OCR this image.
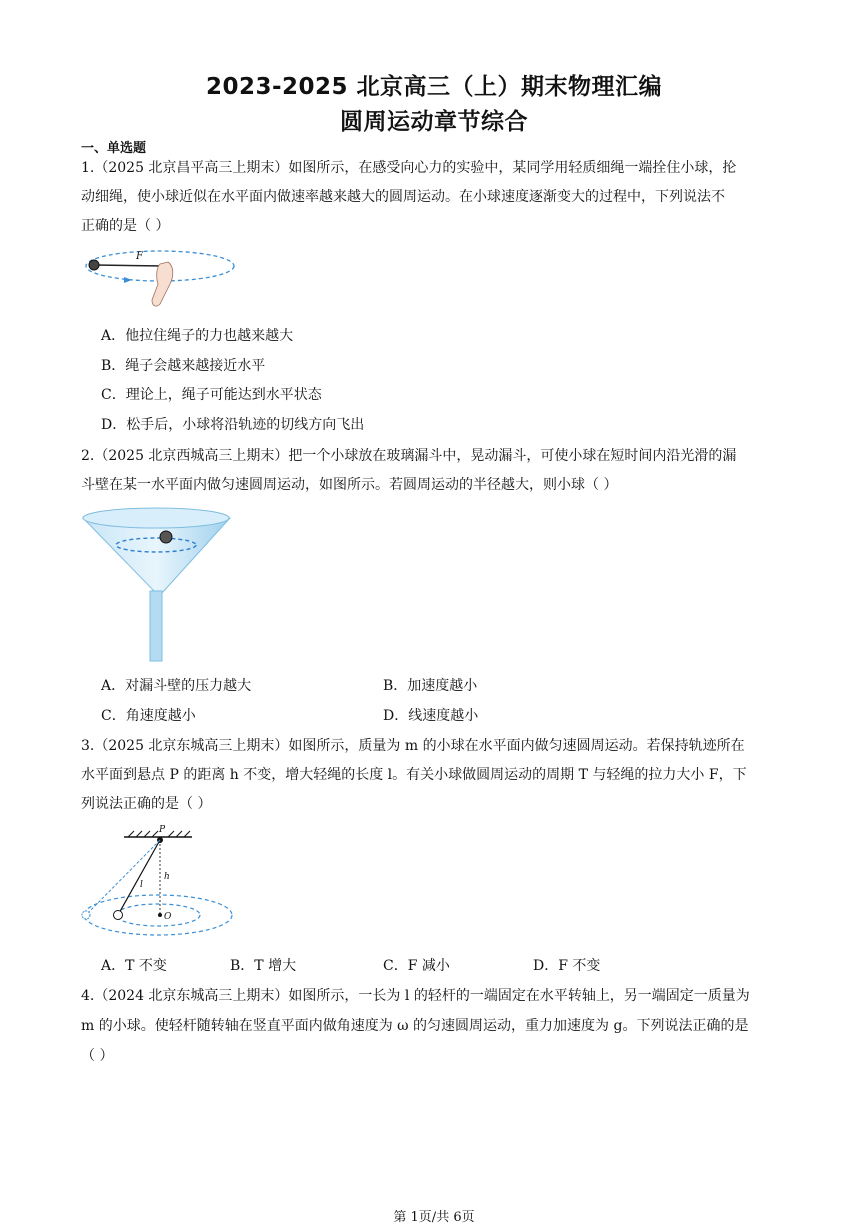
2023-2025 北京高三（上）期末物理汇编
圆周运动章节综合
一、单选题
1.（2025 北京昌平高三上期末）如图所示，在感受向心力的实验中，某同学用轻质细绳一端拴住小球，抡
动细绳，使小球近似在水平面内做速率越来越大的圆周运动。在小球速度逐渐变大的过程中，下列说法不
正确的是（ ）
F
A．他拉住绳子的力也越来越大
B．绳子会越来越接近水平
C．理论上，绳子可能达到水平状态
D．松手后，小球将沿轨迹的切线方向飞出
2.（2025 北京西城高三上期末）把一个小球放在玻璃漏斗中，晃动漏斗，可使小球在短时间内沿光滑的漏
斗壁在某一水平面内做匀速圆周运动，如图所示。若圆周运动的半径越大，则小球（ ）
A．对漏斗壁的压力越大	B．加速度越小
C．角速度越小	D．线速度越小
3.（2025 北京东城高三上期末）如图所示，质量为 m 的小球在水平面内做匀速圆周运动。若保持轨迹所在
水平面到悬点 P 的距离 h 不变，增大轻绳的长度 l。有关小球做圆周运动的周期 T 与轻绳的拉力大小 F，下
列说法正确的是（ ）
P
h
l
O
A．T 不变	B．T 增大	C．F 减小	D．F 不变
4.（2024 北京东城高三上期末）如图所示，一长为 l 的轻杆的一端固定在水平转轴上，另一端固定一质量为
m 的小球。使轻杆随转轴在竖直平面内做角速度为 ω 的匀速圆周运动，重力加速度为 g。下列说法正确的是
（ ）
第 1页/共 6页
